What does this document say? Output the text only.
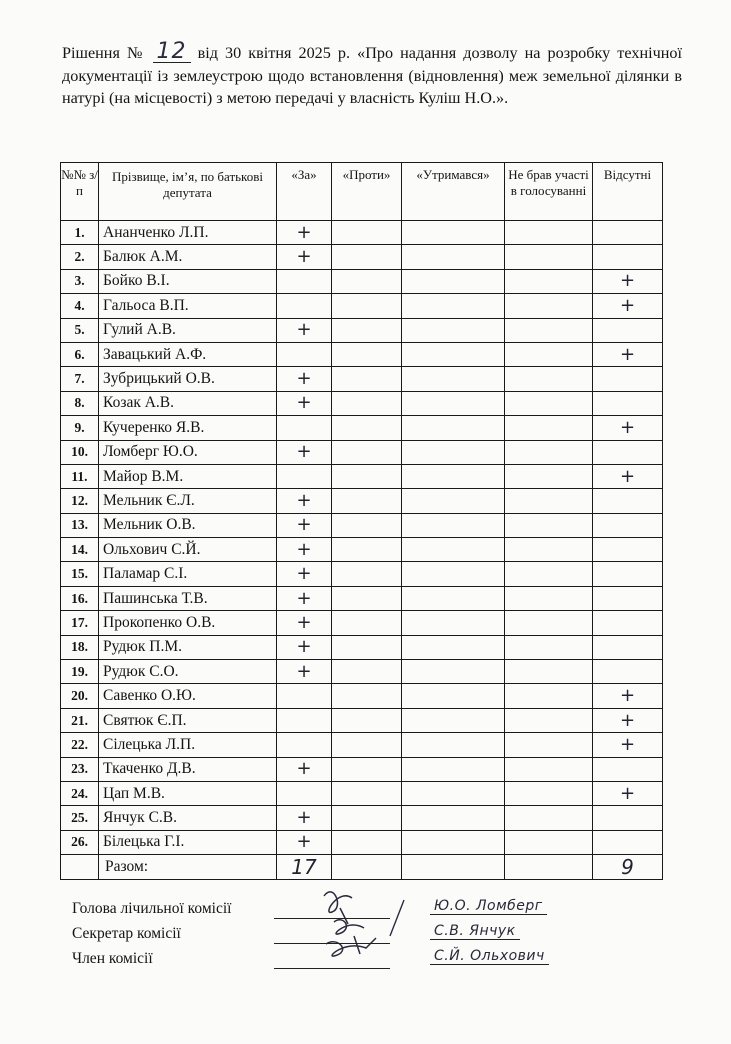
Рішення № 12 від 30 квітня 2025 р. «Про надання дозволу на розробку технічної документації із землеустрою щодо встановлення (відновлення) меж земельної ділянки в натурі (на місцевості) з метою передачі у власність Куліш Н.О.».
№№ з/п	Прізвище, ім’я, по батькові депутата	«За»	«Проти»	«Утримався»	Не брав участі в голосуванні	Відсутні
1.	Ананченко Л.П.	+				
2.	Балюк А.М.	+				
3.	Бойко В.І.					+
4.	Гальоса В.П.					+
5.	Гулий А.В.	+				
6.	Завацький А.Ф.					+
7.	Зубрицький О.В.	+				
8.	Козак А.В.	+				
9.	Кучеренко Я.В.					+
10.	Ломберг Ю.О.	+				
11.	Майор В.М.					+
12.	Мельник Є.Л.	+				
13.	Мельник О.В.	+				
14.	Ольхович С.Й.	+				
15.	Паламар С.І.	+				
16.	Пашинська Т.В.	+				
17.	Прокопенко О.В.	+				
18.	Рудюк П.М.	+				
19.	Рудюк С.О.	+				
20.	Савенко О.Ю.					+
21.	Святюк Є.П.					+
22.	Сілецька Л.П.					+
23.	Ткаченко Д.В.	+				
24.	Цап М.В.					+
25.	Янчук С.В.	+				
26.	Білецька Г.І.	+				
	Разом:	17				9
Голова лічильної комісії	Ю.О. Ломберг
Секретар комісії	С.В. Янчук
Член комісії	С.Й. Ольхович
